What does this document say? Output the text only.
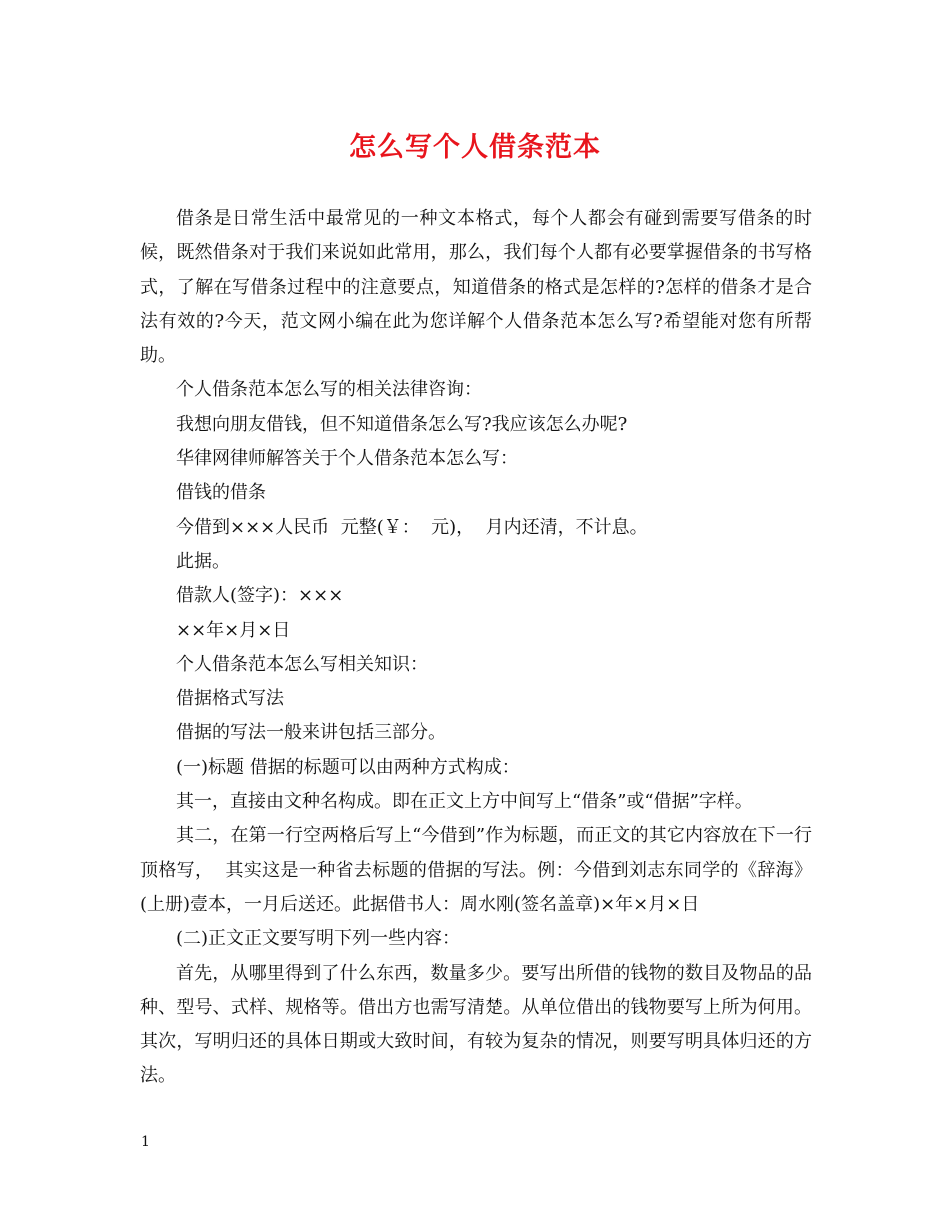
怎么写个人借条范本

借条是日常生活中最常见的一种文本格式，每个人都会有碰到需要写借条的时候，既然借条对于我们来说如此常用，那么，我们每个人都有必要掌握借条的书写格式，了解在写借条过程中的注意要点，知道借条的格式是怎样的?怎样的借条才是合法有效的?今天，范文网小编在此为您详解个人借条范本怎么写?希望能对您有所帮助。

个人借条范本怎么写的相关法律咨询：

我想向朋友借钱，但不知道借条怎么写?我应该怎么办呢?

华律网律师解答关于个人借条范本怎么写：

借钱的借条

今借到×××人民币  元整(￥：  元)，  月内还清，不计息。

此据。

借款人(签字)：×××

××年×月×日

个人借条范本怎么写相关知识：

借据格式写法

借据的写法一般来讲包括三部分。

(一)标题 借据的标题可以由两种方式构成：

其一，直接由文种名构成。即在正文上方中间写上“借条”或“借据”字样。

其二，在第一行空两格后写上“今借到”作为标题，而正文的其它内容放在下一行顶格写，  其实这是一种省去标题的借据的写法。例：今借到刘志东同学的《辞海》(上册)壹本，一月后送还。此据借书人：周水刚(签名盖章)×年×月×日

(二)正文正文要写明下列一些内容：

首先，从哪里得到了什么东西，数量多少。要写出所借的钱物的数目及物品的品种、型号、式样、规格等。借出方也需写清楚。从单位借出的钱物要写上所为何用。其次，写明归还的具体日期或大致时间，有较为复杂的情况，则要写明具体归还的方法。

1
